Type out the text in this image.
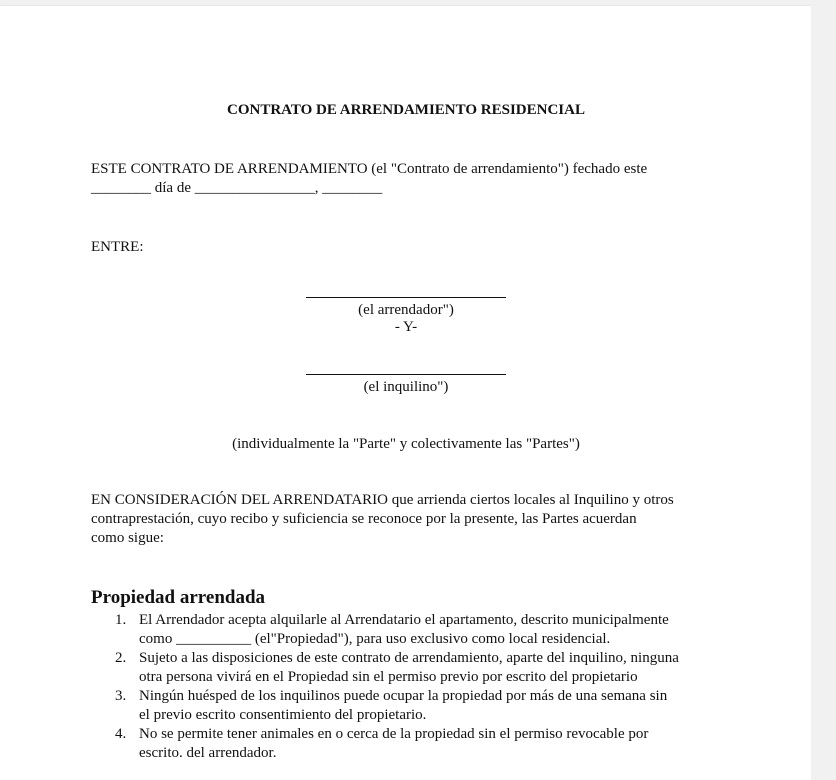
CONTRATO DE ARRENDAMIENTO RESIDENCIAL
ESTE CONTRATO DE ARRENDAMIENTO (el "Contrato de arrendamiento") fechado este
________ día de ________________, ________
ENTRE:
(el arrendador")
- Y-
(el inquilino")
(individualmente la "Parte" y colectivamente las "Partes")
EN CONSIDERACIÓN DEL ARRENDATARIO que arrienda ciertos locales al Inquilino y otros
contraprestación, cuyo recibo y suficiencia se reconoce por la presente, las Partes acuerdan
como sigue:
Propiedad arrendada
1. El Arrendador acepta alquilarle al Arrendatario el apartamento, descrito municipalmente
como __________ (el"Propiedad"), para uso exclusivo como local residencial.
2. Sujeto a las disposiciones de este contrato de arrendamiento, aparte del inquilino, ninguna
otra persona vivirá en el Propiedad sin el permiso previo por escrito del propietario
3. Ningún huésped de los inquilinos puede ocupar la propiedad por más de una semana sin
el previo escrito consentimiento del propietario.
4. No se permite tener animales en o cerca de la propiedad sin el permiso revocable por
escrito. del arrendador.
